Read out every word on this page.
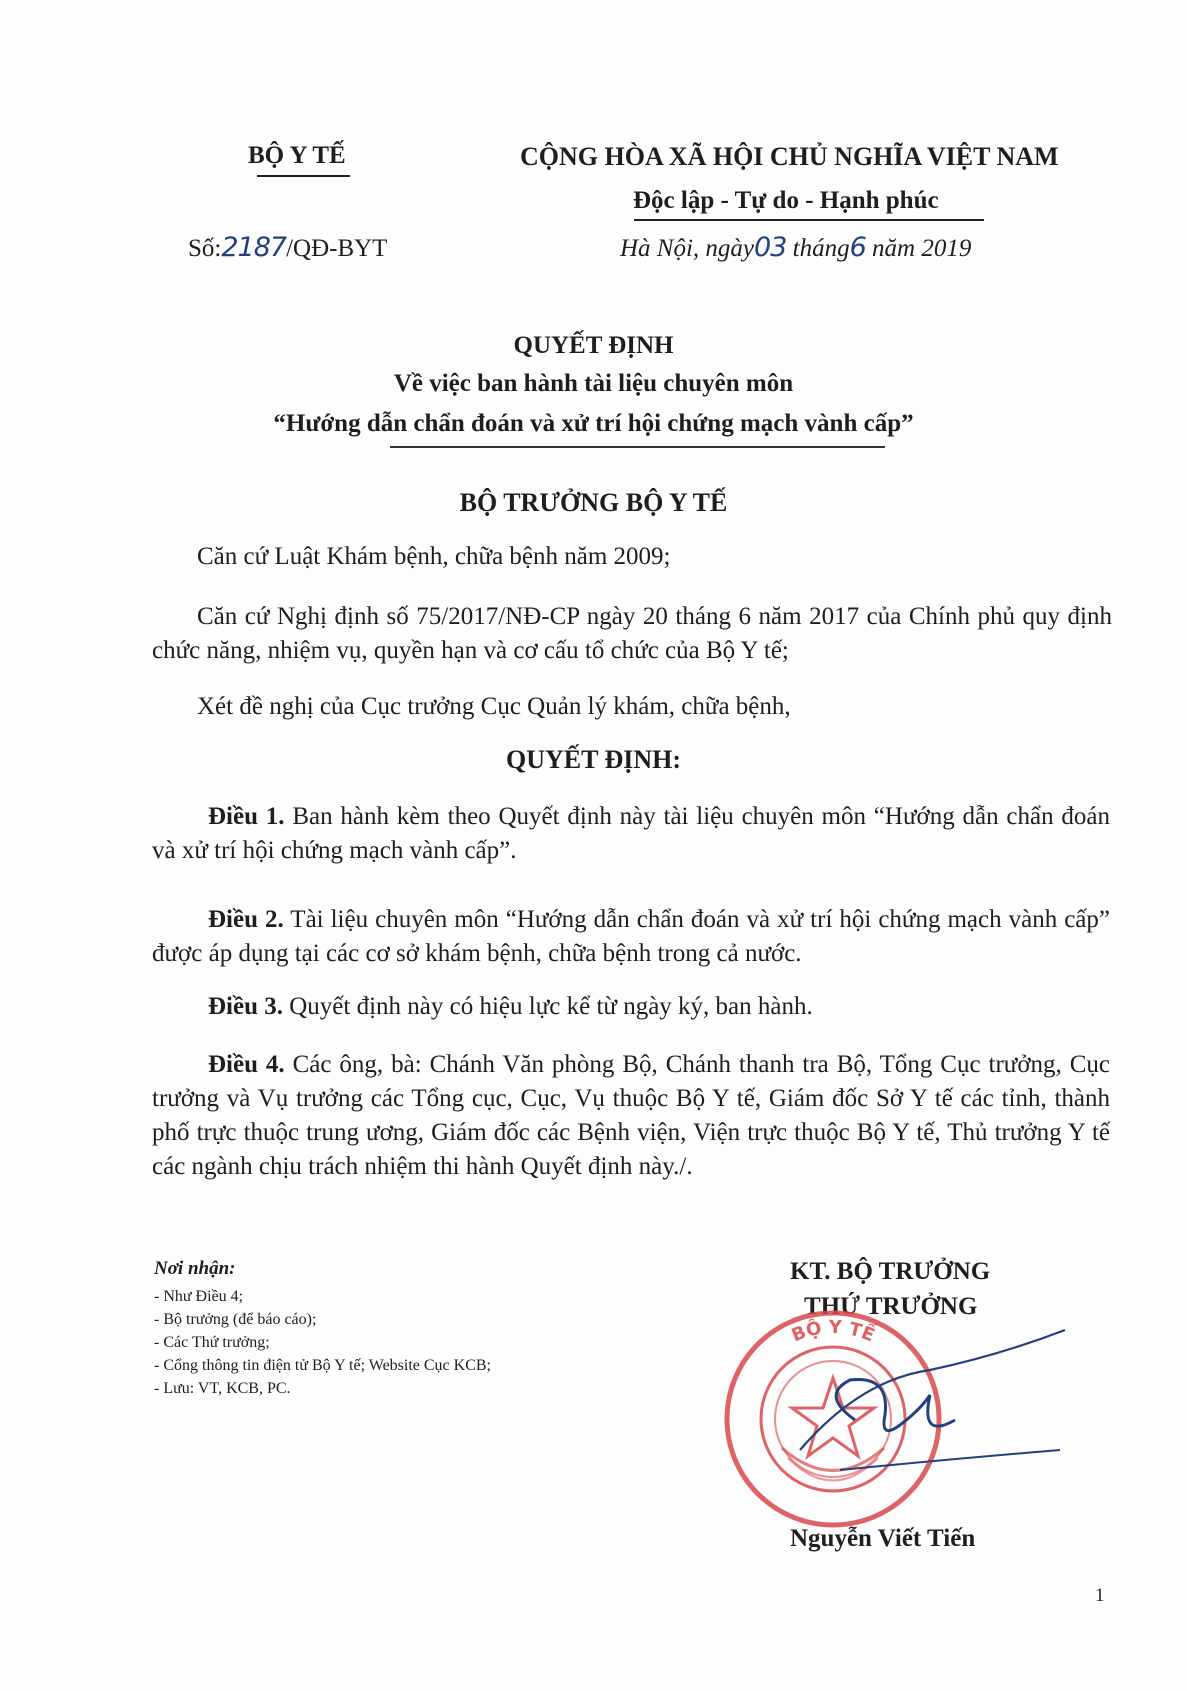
BỘ Y TẾ
Số:2187/QĐ-BYT
CỘNG HÒA XÃ HỘI CHỦ NGHĨA VIỆT NAM
Độc lập - Tự do - Hạnh phúc
Hà Nội, ngày03 tháng6 năm 2019
QUYẾT ĐỊNH
Về việc ban hành tài liệu chuyên môn
“Hướng dẫn chẩn đoán và xử trí hội chứng mạch vành cấp”
BỘ TRƯỞNG BỘ Y TẾ
Căn cứ Luật Khám bệnh, chữa bệnh năm 2009;
Căn cứ Nghị định số 75/2017/NĐ-CP ngày 20 tháng 6 năm 2017 của Chính phủ quy định chức năng, nhiệm vụ, quyền hạn và cơ cấu tổ chức của Bộ Y tế;
Xét đề nghị của Cục trưởng Cục Quản lý khám, chữa bệnh,
QUYẾT ĐỊNH:
Điều 1. Ban hành kèm theo Quyết định này tài liệu chuyên môn “Hướng dẫn chẩn đoán và xử trí hội chứng mạch vành cấp”.
Điều 2. Tài liệu chuyên môn “Hướng dẫn chẩn đoán và xử trí hội chứng mạch vành cấp” được áp dụng tại các cơ sở khám bệnh, chữa bệnh trong cả nước.
Điều 3. Quyết định này có hiệu lực kể từ ngày ký, ban hành.
Điều 4. Các ông, bà: Chánh Văn phòng Bộ, Chánh thanh tra Bộ, Tổng Cục trưởng, Cục trưởng và Vụ trưởng các Tổng cục, Cục, Vụ thuộc Bộ Y tế, Giám đốc Sở Y tế các tỉnh, thành phố trực thuộc trung ương, Giám đốc các Bệnh viện, Viện trực thuộc Bộ Y tế, Thủ trưởng Y tế các ngành chịu trách nhiệm thi hành Quyết định này./.
Nơi nhận:
- Như Điều 4;
- Bộ trưởng (để báo cáo);
- Các Thứ trưởng;
- Cổng thông tin điện tử Bộ Y tế; Website Cục KCB;
- Lưu: VT, KCB, PC.
KT. BỘ TRƯỞNG
THỨ TRƯỞNG
BỘ Y TẾ
Nguyễn Viết Tiến
1
